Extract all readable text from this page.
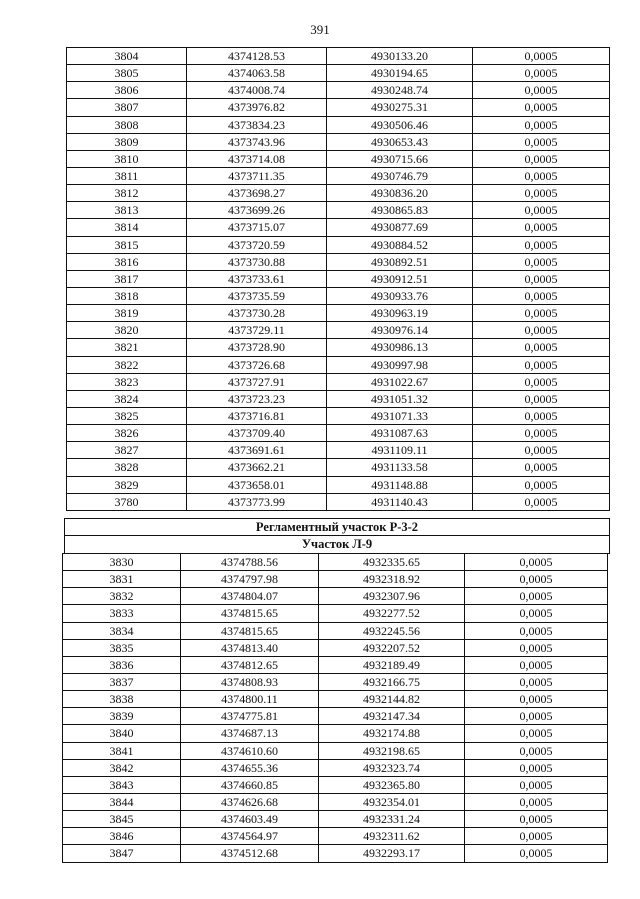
391
3804	4374128.53	4930133.20	0,0005
3805	4374063.58	4930194.65	0,0005
3806	4374008.74	4930248.74	0,0005
3807	4373976.82	4930275.31	0,0005
3808	4373834.23	4930506.46	0,0005
3809	4373743.96	4930653.43	0,0005
3810	4373714.08	4930715.66	0,0005
3811	4373711.35	4930746.79	0,0005
3812	4373698.27	4930836.20	0,0005
3813	4373699.26	4930865.83	0,0005
3814	4373715.07	4930877.69	0,0005
3815	4373720.59	4930884.52	0,0005
3816	4373730.88	4930892.51	0,0005
3817	4373733.61	4930912.51	0,0005
3818	4373735.59	4930933.76	0,0005
3819	4373730.28	4930963.19	0,0005
3820	4373729.11	4930976.14	0,0005
3821	4373728.90	4930986.13	0,0005
3822	4373726.68	4930997.98	0,0005
3823	4373727.91	4931022.67	0,0005
3824	4373723.23	4931051.32	0,0005
3825	4373716.81	4931071.33	0,0005
3826	4373709.40	4931087.63	0,0005
3827	4373691.61	4931109.11	0,0005
3828	4373662.21	4931133.58	0,0005
3829	4373658.01	4931148.88	0,0005
3780	4373773.99	4931140.43	0,0005
Регламентный участок Р-3-2
Участок Л-9
3830	4374788.56	4932335.65	0,0005
3831	4374797.98	4932318.92	0,0005
3832	4374804.07	4932307.96	0,0005
3833	4374815.65	4932277.52	0,0005
3834	4374815.65	4932245.56	0,0005
3835	4374813.40	4932207.52	0,0005
3836	4374812.65	4932189.49	0,0005
3837	4374808.93	4932166.75	0,0005
3838	4374800.11	4932144.82	0,0005
3839	4374775.81	4932147.34	0,0005
3840	4374687.13	4932174.88	0,0005
3841	4374610.60	4932198.65	0,0005
3842	4374655.36	4932323.74	0,0005
3843	4374660.85	4932365.80	0,0005
3844	4374626.68	4932354.01	0,0005
3845	4374603.49	4932331.24	0,0005
3846	4374564.97	4932311.62	0,0005
3847	4374512.68	4932293.17	0,0005
